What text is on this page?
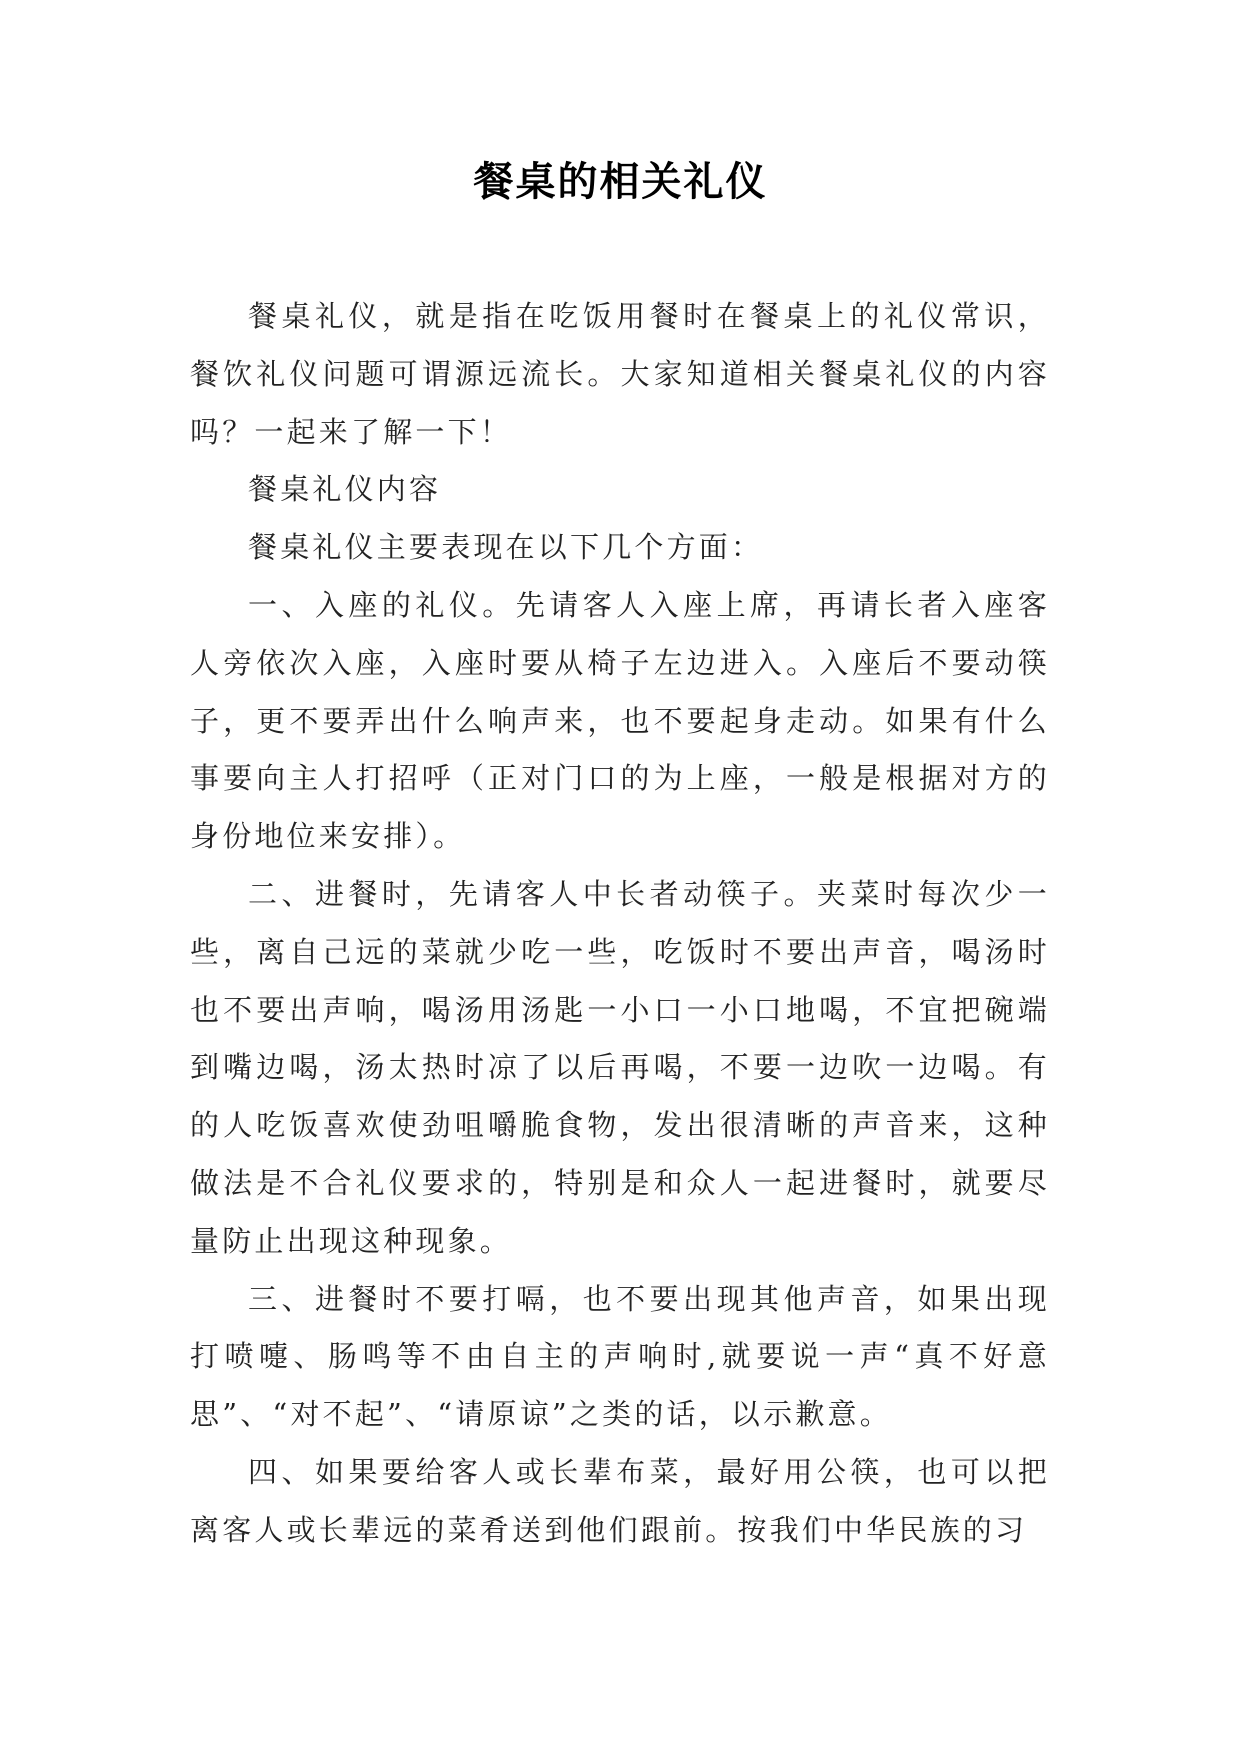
餐桌的相关礼仪

餐桌礼仪，就是指在吃饭用餐时在餐桌上的礼仪常识，餐饮礼仪问题可谓源远流长。大家知道相关餐桌礼仪的内容吗？一起来了解一下！

餐桌礼仪内容

餐桌礼仪主要表现在以下几个方面：

一、入座的礼仪。先请客人入座上席，再请长者入座客人旁依次入座，入座时要从椅子左边进入。入座后不要动筷子，更不要弄出什么响声来，也不要起身走动。如果有什么事要向主人打招呼（正对门口的为上座，一般是根据对方的身份地位来安排）。

二、进餐时，先请客人中长者动筷子。夹菜时每次少一些，离自己远的菜就少吃一些，吃饭时不要出声音，喝汤时也不要出声响，喝汤用汤匙一小口一小口地喝，不宜把碗端到嘴边喝，汤太热时凉了以后再喝，不要一边吹一边喝。有的人吃饭喜欢使劲咀嚼脆食物，发出很清晰的声音来，这种做法是不合礼仪要求的，特别是和众人一起进餐时，就要尽量防止出现这种现象。

三、进餐时不要打嗝，也不要出现其他声音，如果出现打喷嚏、肠鸣等不由自主的声响时,就要说一声“真不好意思”、“对不起”、“请原谅”之类的话，以示歉意。

四、如果要给客人或长辈布菜，最好用公筷，也可以把离客人或长辈远的菜肴送到他们跟前。按我们中华民族的习
